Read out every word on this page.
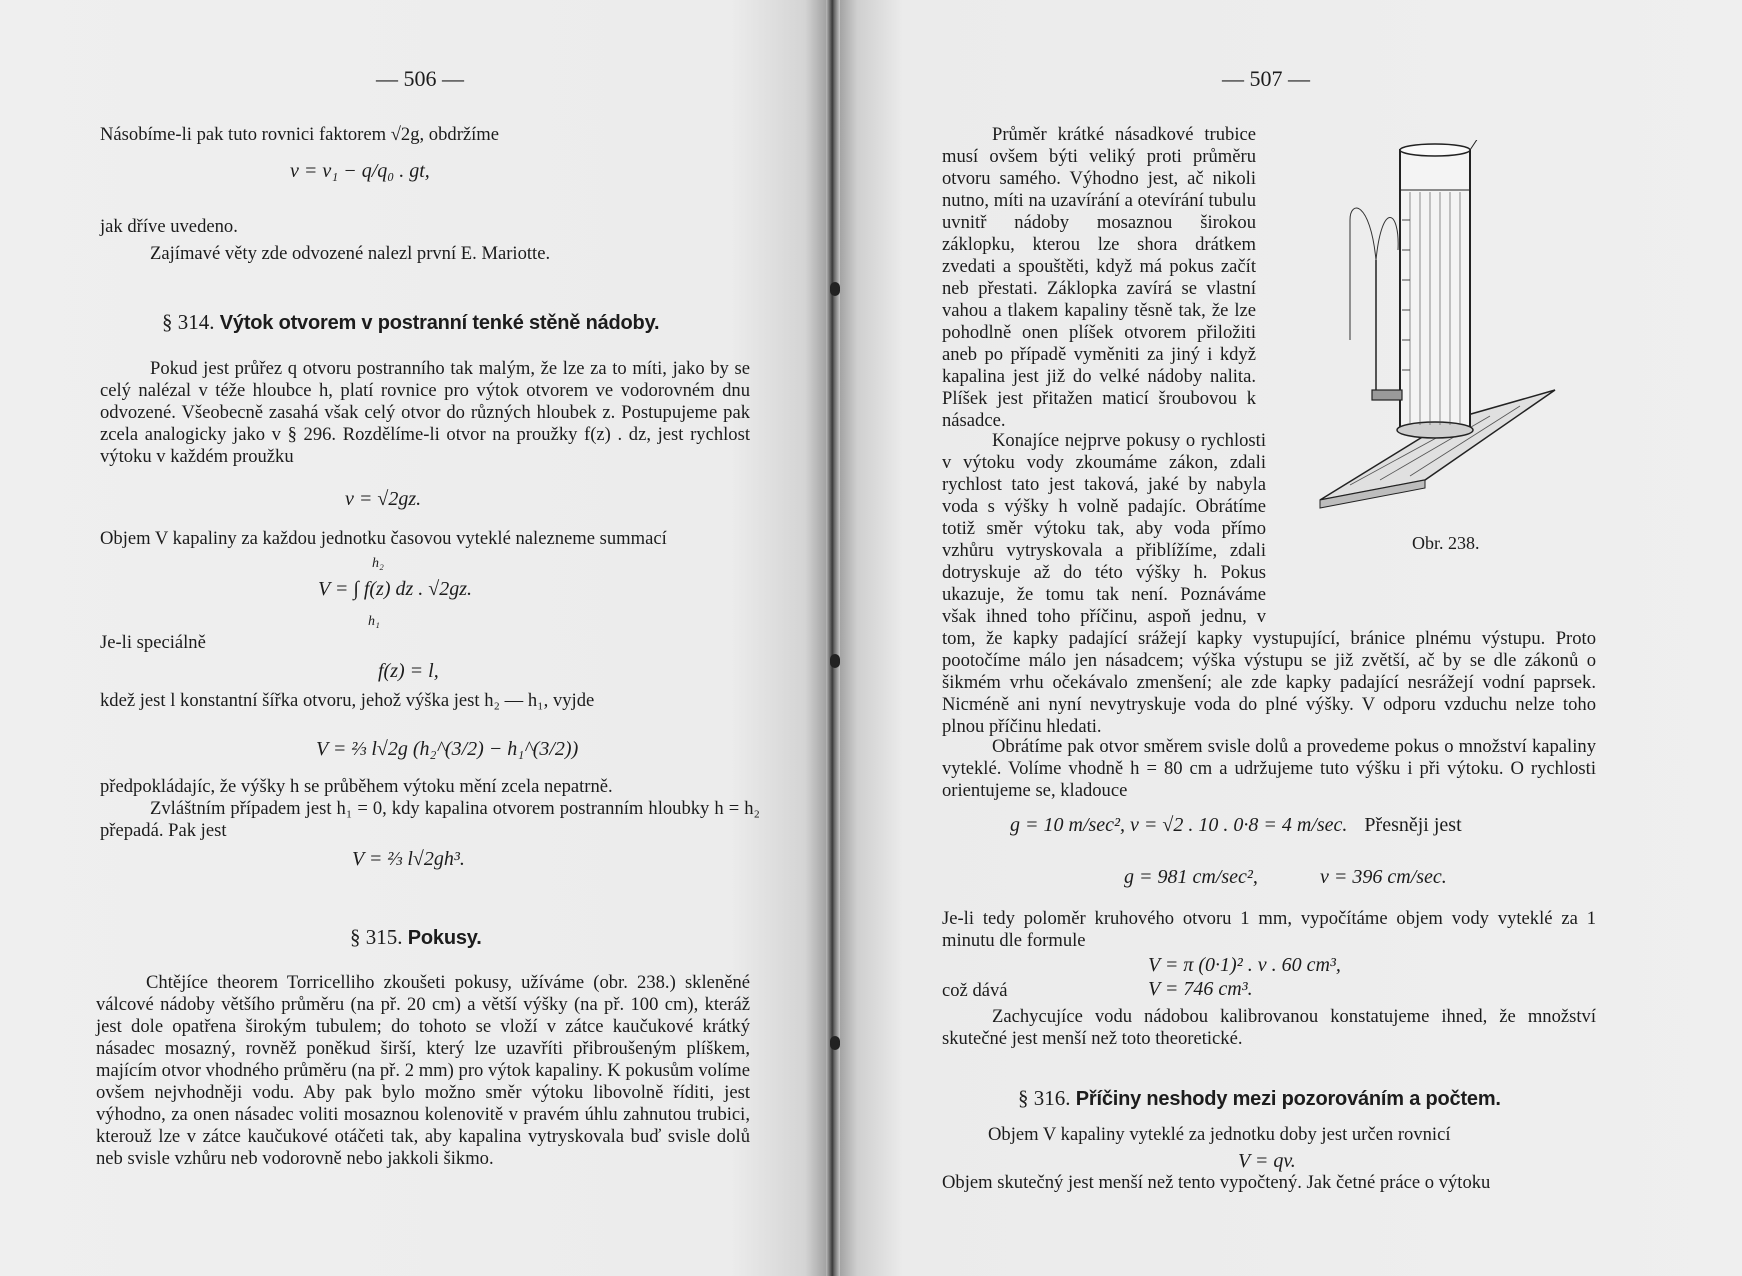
— 506 —

Násobíme-li pak tuto rovnici faktorem √2g, obdržíme

v = v₁ − q/q₀ . gt,

jak dříve uvedeno.

Zajímavé věty zde odvozené nalezl první E. Mariotte.

§ 314. Výtok otvorem v postranní tenké stěně nádoby.

Pokud jest průřez q otvoru postranního tak malým, že lze za to míti, jako by se celý nalézal v téže hloubce h, platí rovnice pro výtok otvorem ve vodorovném dnu odvozené. Všeobecně zasahá však celý otvor do různých hloubek z. Postupujeme pak zcela analogicky jako v § 296. Rozdělíme-li otvor na proužky f(z) . dz, jest rychlost výtoku v každém proužku

v = √2gz.

Objem V kapaliny za každou jednotku časovou vyteklé nalezneme summací

V = ∫ f(z) dz . √2gz.
h₂
h₁

Je-li speciálně

f(z) = l,

kdež jest l konstantní šířka otvoru, jehož výška jest h₂ — h₁, vyjde

V = ⅔ l√2g (h₂^(3/2) − h₁^(3/2))

předpokládajíc, že výšky h se průběhem výtoku mění zcela nepatrně.

Zvláštním případem jest h₁ = 0, kdy kapalina otvorem postranním hloubky h = h₂ přepadá. Pak jest

V = ⅔ l√2gh³.
§ 315. Pokusy.

Chtějíce theorem Torricelliho zkoušeti pokusy, užíváme (obr. 238.) skleněné válcové nádoby většího průměru (na př. 20 cm) a větší výšky (na př. 100 cm), kteráž jest dole opatřena širokým tubulem; do tohoto se vloží v zátce kaučukové krátký násadec mosazný, rovněž poněkud širší, který lze uzavříti přibroušeným plíškem, majícím otvor vhodného průměru (na př. 2 mm) pro výtok kapaliny. K pokusům volíme ovšem nejvhodněji vodu. Aby pak bylo možno směr výtoku libovolně říditi, jest výhodno, za onen násadec voliti mosaznou kolenovitě v pravém úhlu zahnutou trubici, kterouž lze v zátce kaučukové otáčeti tak, aby kapalina vytryskovala buď svisle dolů neb svisle vzhůru neb vodorovně nebo jakkoli šikmo.

— 507 —

Průměr krátké násadkové trubice musí ovšem býti veliký proti průměru otvoru samého. Výhodno jest, ač nikoli nutno, míti na uzavírání a otevírání tubulu uvnitř nádoby mosaznou širokou záklopku, kterou lze shora drátkem zvedati a spouštěti, když má pokus začít neb přestati. Záklopka zavírá se vlastní vahou a tlakem kapaliny těsně tak, že lze pohodlně onen plíšek otvorem přiložiti aneb po případě vyměniti za jiný i když kapalina jest již do velké nádoby nalita. Plíšek jest přitažen maticí šroubovou k násadce.

Konajíce nejprve pokusy o rychlosti v výtoku vody zkoumáme zákon, zdali rychlost tato jest taková, jaké by nabyla voda s výšky h volně padajíc. Obrátíme totiž směr výtoku tak, aby voda přímo vzhůru vytryskovala a přiblížíme, zdali dotryskuje až do této výšky h. Pokus ukazuje, že tomu tak není. Poznáváme však ihned toho příčinu, aspoň jednu, v tom, že kapky padající srážejí kapky vystupující, bránice plnému výstupu. Proto pootočíme málo jen násadcem; výška výstupu se již zvětší, ač by se dle zákonů o šikmém vrhu očekávalo zmenšení; ale zde kapky padající nesrážejí vodní paprsek. Nicméně ani nyní nevytryskuje voda do plné výšky. V odporu vzduchu nelze toho plnou příčinu hledati.

Obrátíme pak otvor směrem svisle dolů a provedeme pokus o množství kapaliny vyteklé. Volíme vhodně h = 80 cm a udržujeme tuto výšku i při výtoku. O rychlosti orientujeme se, kladouce

g = 10 m/sec², v = √2 . 10 . 0·8 = 4 m/sec. Přesněji jest
g = 981 cm/sec²,	v = 396 cm/sec.

Je-li tedy poloměr kruhového otvoru 1 mm, vypočítáme objem vody vyteklé za 1 minutu dle formule

V = π (0·1)² . v . 60 cm³,
což dává	V = 746 cm³.

Zachycujíce vodu nádobou kalibrovanou konstatujeme ihned, že množství skutečné jest menší než toto theoretické.

§ 316. Příčiny neshody mezi pozorováním a počtem.

Objem V kapaliny vyteklé za jednotku doby jest určen rovnicí

V = qv.

Objem skutečný jest menší než tento vypočtený. Jak četné práce o výtoku

Obr. 238.
